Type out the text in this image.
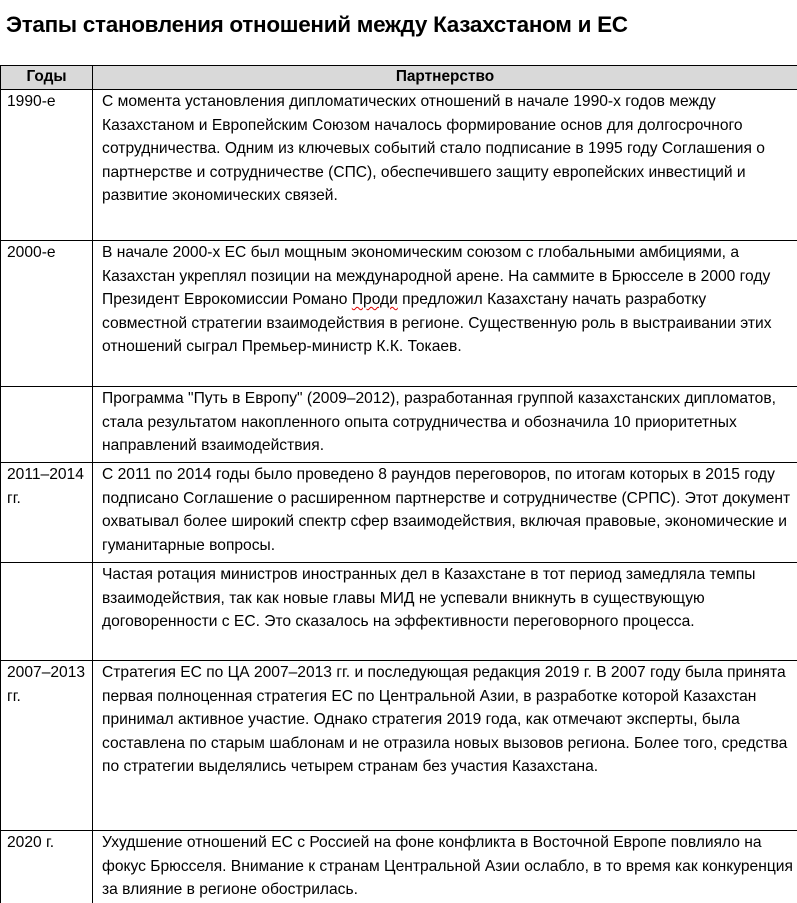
Этапы становления отношений между Казахстаном и ЕС
Годы	Партнерство
1990-е	С момента установления дипломатических отношений в начале 1990-х годов между Казахстаном и Европейским Союзом началось формирование основ для долгосрочного сотрудничества. Одним из ключевых событий стало подписание в 1995 году Соглашения о партнерстве и сотрудничестве (СПС), обеспечившего защиту европейских инвестиций и развитие экономических связей.
2000-е	В начале 2000-х ЕС был мощным экономическим союзом с глобальными амбициями, а Казахстан укреплял позиции на международной арене. На саммите в Брюсселе в 2000 году Президент Еврокомиссии Романо Проди предложил Казахстану начать разработку совместной стратегии взаимодействия в регионе. Существенную роль в выстраивании этих отношений сыграл Премьер-министр К.К. Токаев.
	Программа "Путь в Европу" (2009–2012), разработанная группой казахстанских дипломатов, стала результатом накопленного опыта сотрудничества и обозначила 10 приоритетных направлений взаимодействия.
2011–2014 гг.	С 2011 по 2014 годы было проведено 8 раундов переговоров, по итогам которых в 2015 году подписано Соглашение о расширенном партнерстве и сотрудничестве (СРПС). Этот документ охватывал более широкий спектр сфер взаимодействия, включая правовые, экономические и гуманитарные вопросы.
	Частая ротация министров иностранных дел в Казахстане в тот период замедляла темпы взаимодействия, так как новые главы МИД не успевали вникнуть в существующую договоренности с ЕС. Это сказалось на эффективности переговорного процесса.
2007–2013 гг.	Стратегия ЕС по ЦА 2007–2013 гг. и последующая редакция 2019 г. В 2007 году была принята первая полноценная стратегия ЕС по Центральной Азии, в разработке которой Казахстан принимал активное участие. Однако стратегия 2019 года, как отмечают эксперты, была составлена по старым шаблонам и не отразила новых вызовов региона. Более того, средства по стратегии выделялись четырем странам без участия Казахстана.
2020 г.	Ухудшение отношений ЕС с Россией на фоне конфликта в Восточной Европе повлияло на фокус Брюсселя. Внимание к странам Центральной Азии ослабло, в то время как конкуренция за влияние в регионе обострилась.
